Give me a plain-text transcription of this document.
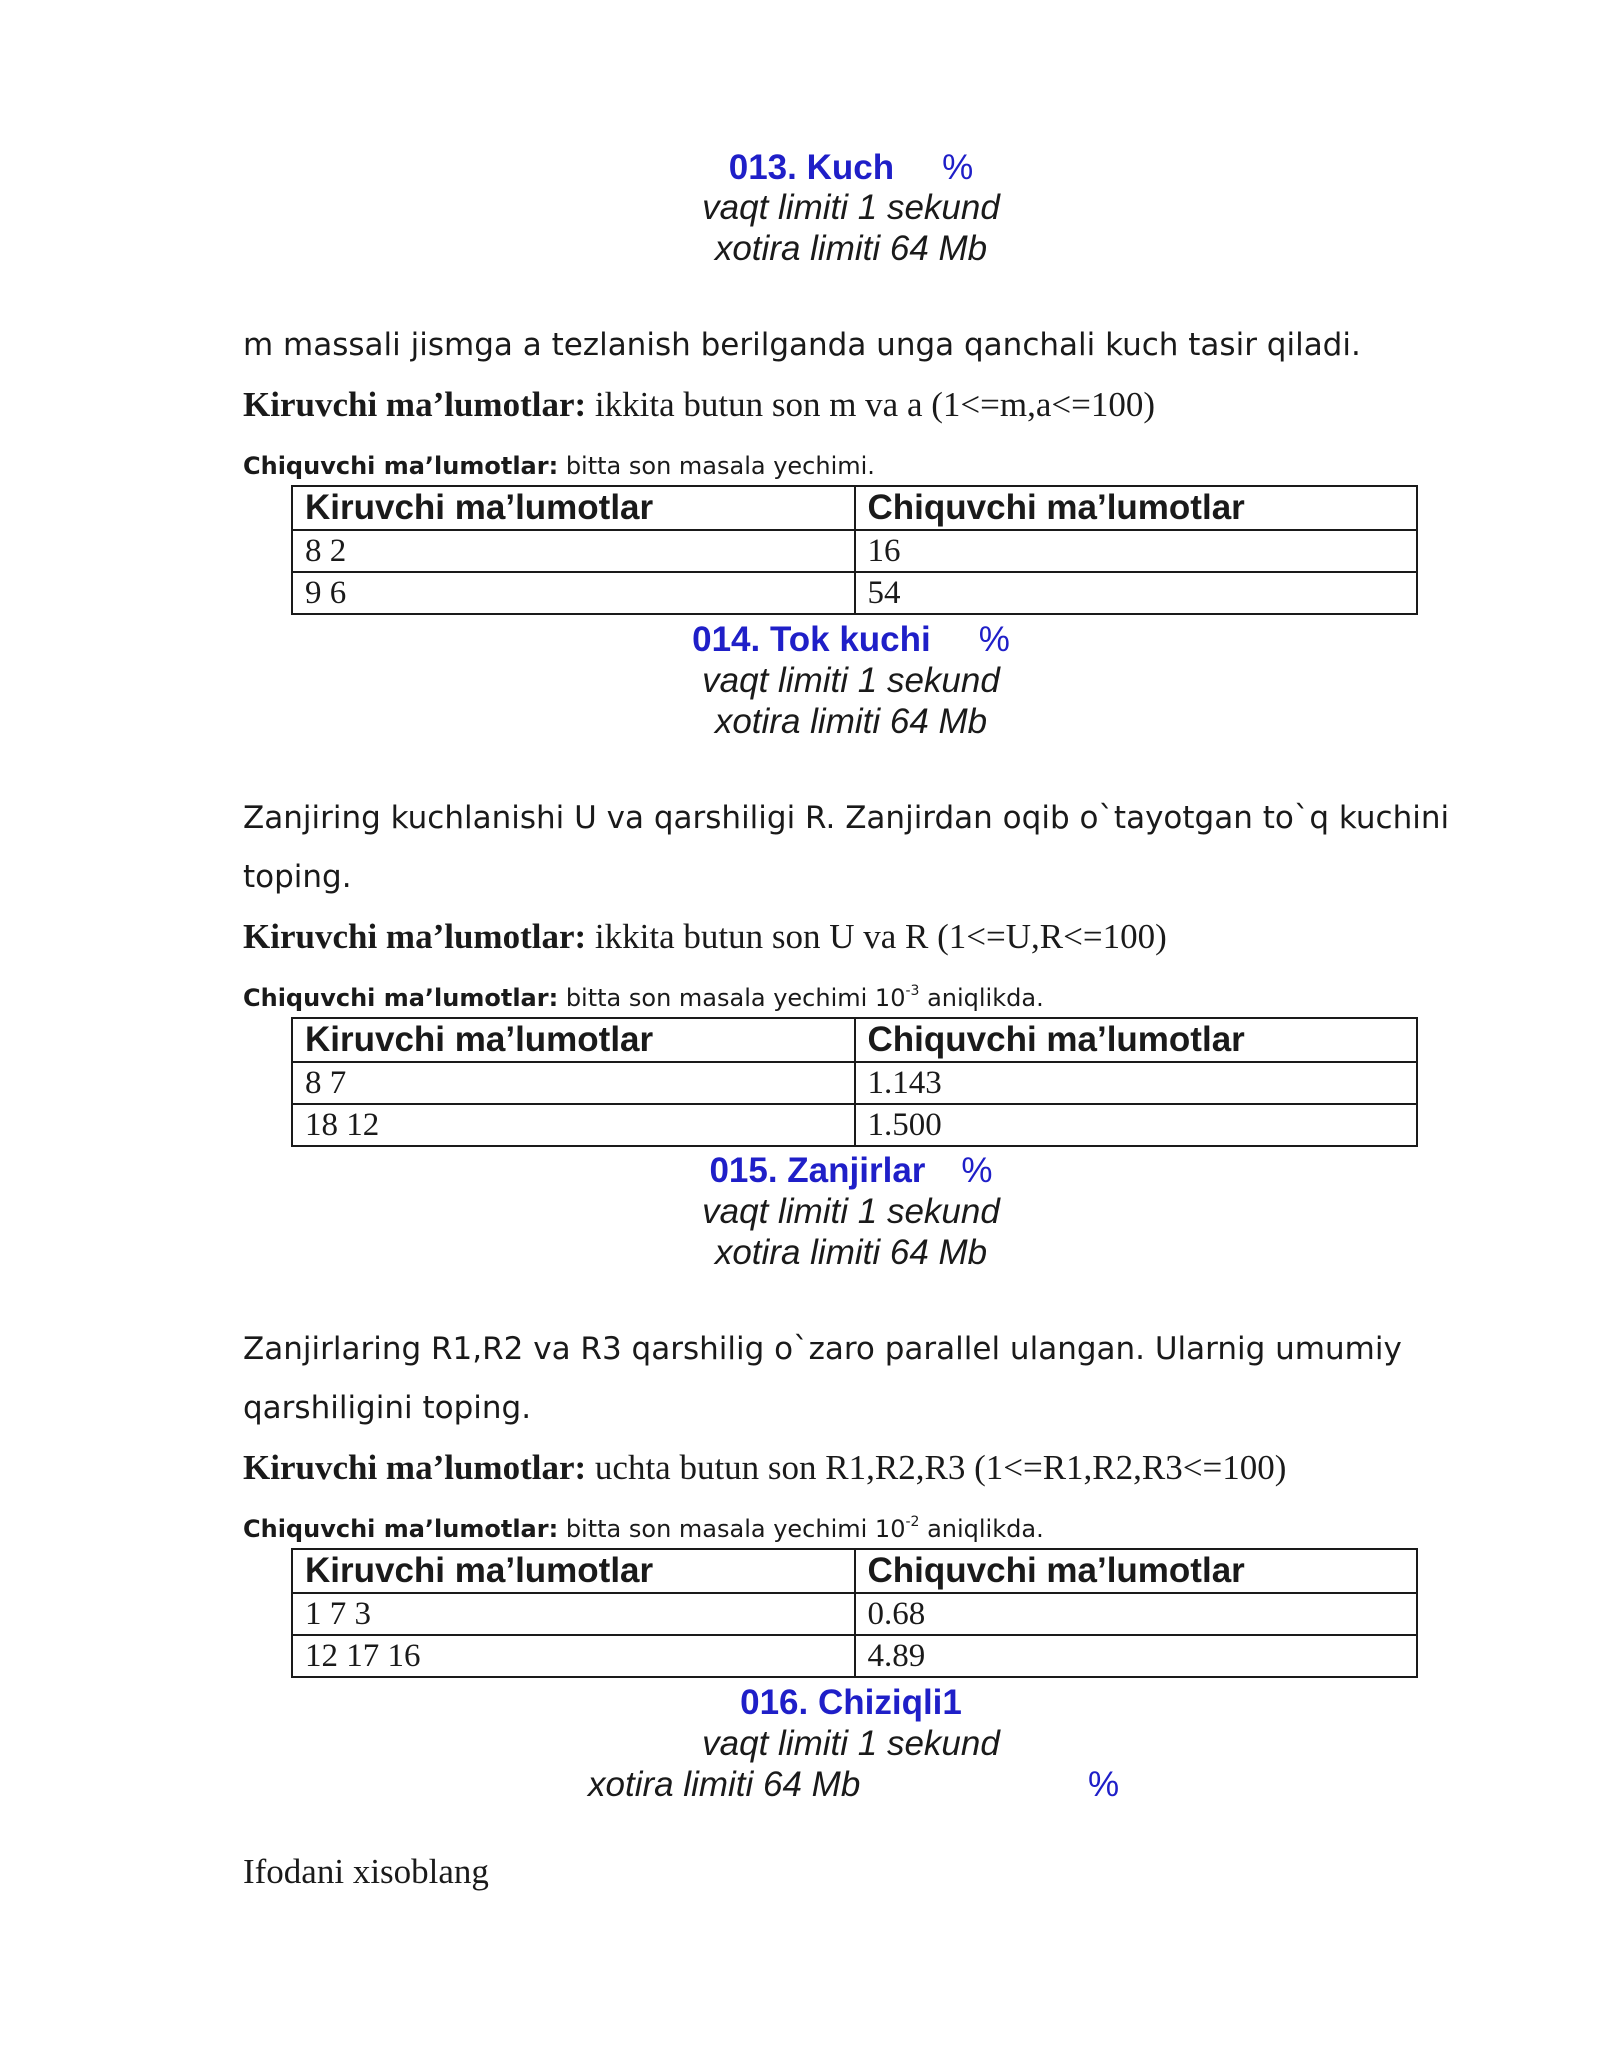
013. Kuch %
vaqt limiti 1 sekund
xotira limiti 64 Mb
m massali jismga a tezlanish berilganda unga qanchali kuch tasir qiladi.
Kiruvchi ma’lumotlar: ikkita butun son m va a (1<=m,a<=100)
Chiquvchi ma’lumotlar: bitta son masala yechimi.
Kiruvchi ma’lumotlar	Chiquvchi ma’lumotlar
8 2	16
9 6	54
014. Tok kuchi %
vaqt limiti 1 sekund
xotira limiti 64 Mb
Zanjiring kuchlanishi U va qarshiligi R. Zanjirdan oqib o`tayotgan to`q kuchini
toping.
Kiruvchi ma’lumotlar: ikkita butun son U va R (1<=U,R<=100)
Chiquvchi ma’lumotlar: bitta son masala yechimi $10^{-3}$ aniqlikda.
Kiruvchi ma’lumotlar	Chiquvchi ma’lumotlar
8 7	1.143
18 12	1.500
015. Zanjirlar %
vaqt limiti 1 sekund
xotira limiti 64 Mb
Zanjirlaring R1,R2 va R3 qarshilig o`zaro parallel ulangan. Ularnig umumiy
qarshiligini toping.
Kiruvchi ma’lumotlar: uchta butun son R1,R2,R3 (1<=R1,R2,R3<=100)
Chiquvchi ma’lumotlar: bitta son masala yechimi $10^{-2}$ aniqlikda.
Kiruvchi ma’lumotlar	Chiquvchi ma’lumotlar
1 7 3	0.68
12 17 16	4.89
016. Chiziqli1
vaqt limiti 1 sekund
xotira limiti 64 Mb	%
Ifodani xisoblang
